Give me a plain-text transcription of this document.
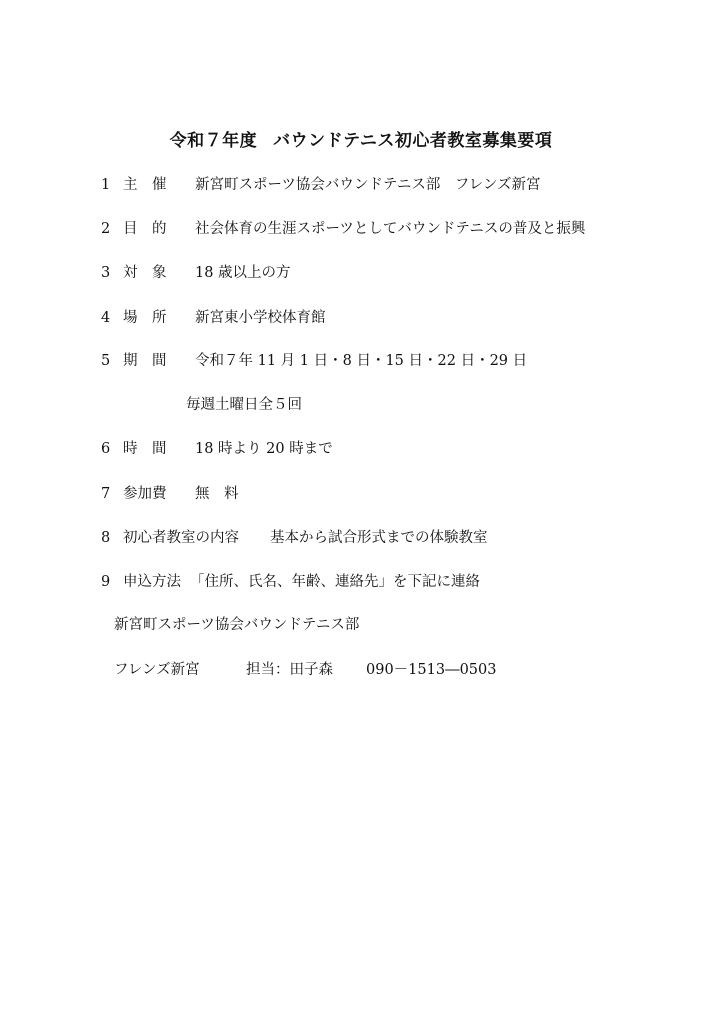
令和７年度 バウンドテニス初心者教室募集要項
1 主　催 新宮町スポーツ協会バウンドテニス部　フレンズ新宮
2 目　的 社会体育の生涯スポーツとしてバウンドテニスの普及と振興
3 対　象 18 歳以上の方
4 場　所 新宮東小学校体育館
5 期　間 令和７年 11 月 1 日・8 日・15 日・22 日・29 日
毎週土曜日全５回
6 時　間 18 時より 20 時まで
7 参加費 無　料
8 初心者教室の内容 基本から試合形式までの体験教室
9 申込方法 「住所、氏名、年齢、連絡先」を下記に連絡
新宮町スポーツ協会バウンドテニス部
フレンズ新宮	担当：田子森 090－1513―0503
